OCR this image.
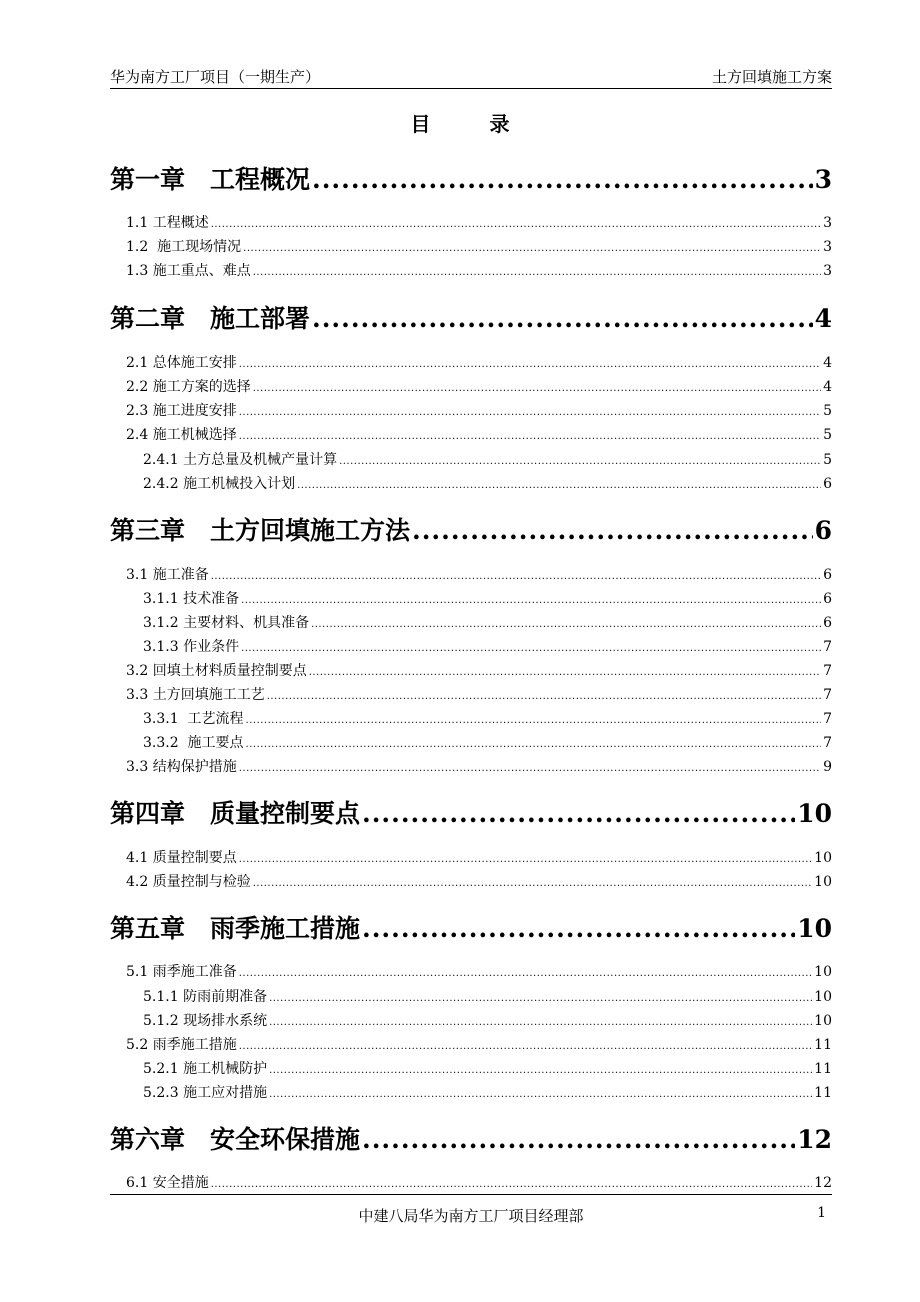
华为南方工厂项目（一期生产）	土方回填施工方案
目 录
第一章　工程概况 .....	3
1.1 工程概述 .....	3
1.2  施工现场情况 .....	3
1.3 施工重点、难点 .....	3
第二章　施工部署 .....	4
2.1 总体施工安排 .....	4
2.2 施工方案的选择 .....	4
2.3 施工进度安排 .....	5
2.4 施工机械选择 .....	5
2.4.1 土方总量及机械产量计算 .....	5
2.4.2 施工机械投入计划 .....	6
第三章　土方回填施工方法 .....	6
3.1 施工准备 .....	6
3.1.1 技术准备 .....	6
3.1.2 主要材料、机具准备 .....	6
3.1.3 作业条件 .....	7
3.2 回填土材料质量控制要点 .....	7
3.3 土方回填施工工艺 .....	7
3.3.1  工艺流程 .....	7
3.3.2  施工要点 .....	7
3.3 结构保护措施 .....	9
第四章　质量控制要点 .....	10
4.1 质量控制要点 .....	10
4.2 质量控制与检验 .....	10
第五章　雨季施工措施 .....	10
5.1 雨季施工准备 .....	10
5.1.1 防雨前期准备 .....	10
5.1.2 现场排水系统 .....	10
5.2 雨季施工措施 .....	11
5.2.1 施工机械防护 .....	11
5.2.3 施工应对措施 .....	11
第六章　安全环保措施 .....	12
6.1 安全措施 .....	12
中建八局华为南方工厂项目经理部	1
